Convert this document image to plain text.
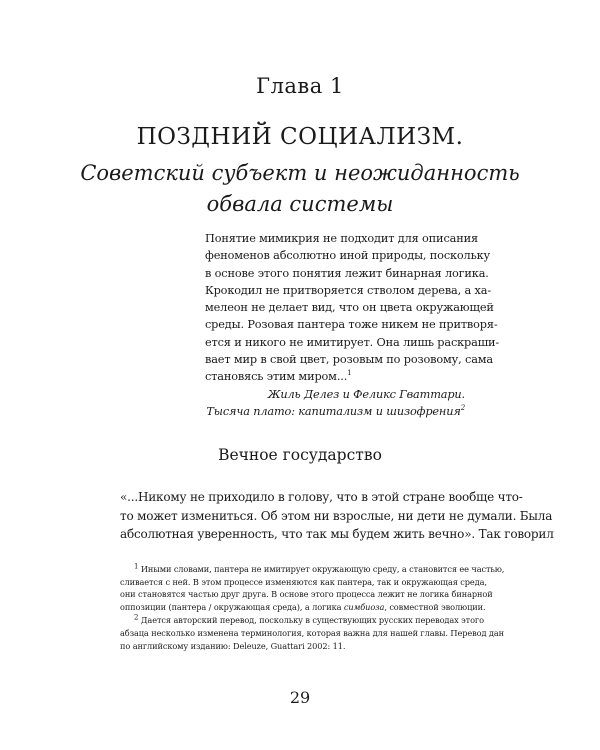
Глава 1
ПОЗДНИЙ СОЦИАЛИЗМ.
Советский субъект и неожиданность
обвала системы
Понятие мимикрия не подходит для описания
феноменов абсолютно иной природы, поскольку
в основе этого понятия лежит бинарная логика.
Крокодил не притворяется стволом дерева, а ха-
мелеон не делает вид, что он цвета окружающей
среды. Розовая пантера тоже никем не притворя-
ется и никого не имитирует. Она лишь раскраши-
вает мир в свой цвет, розовым по розовому, сама
становясь этим миром...$^1$
Жиль Делез и Феликс Гваттари.
Тысяча плато: капитализм и шизофрения$^2$
Вечное государство
«...Никому не приходило в голову, что в этой стране вообще что-
то может измениться. Об этом ни взрослые, ни дети не думали. Была
абсолютная уверенность, что так мы будем жить вечно». Так говорил
$^1$ Иными словами, пантера не имитирует окружающую среду, а становится ее частью,
сливается с ней. В этом процессе изменяются как пантера, так и окружающая среда,
они становятся частью друг друга. В основе этого процесса лежит не логика бинарной
оппозиции (пантера / окружающая среда), а логика симбиоза, совместной эволюции.
$^2$ Дается авторский перевод, поскольку в существующих русских переводах этого
абзаца несколько изменена терминология, которая важна для нашей главы. Перевод дан
по английскому изданию: Deleuze, Guattari 2002: 11.
29
